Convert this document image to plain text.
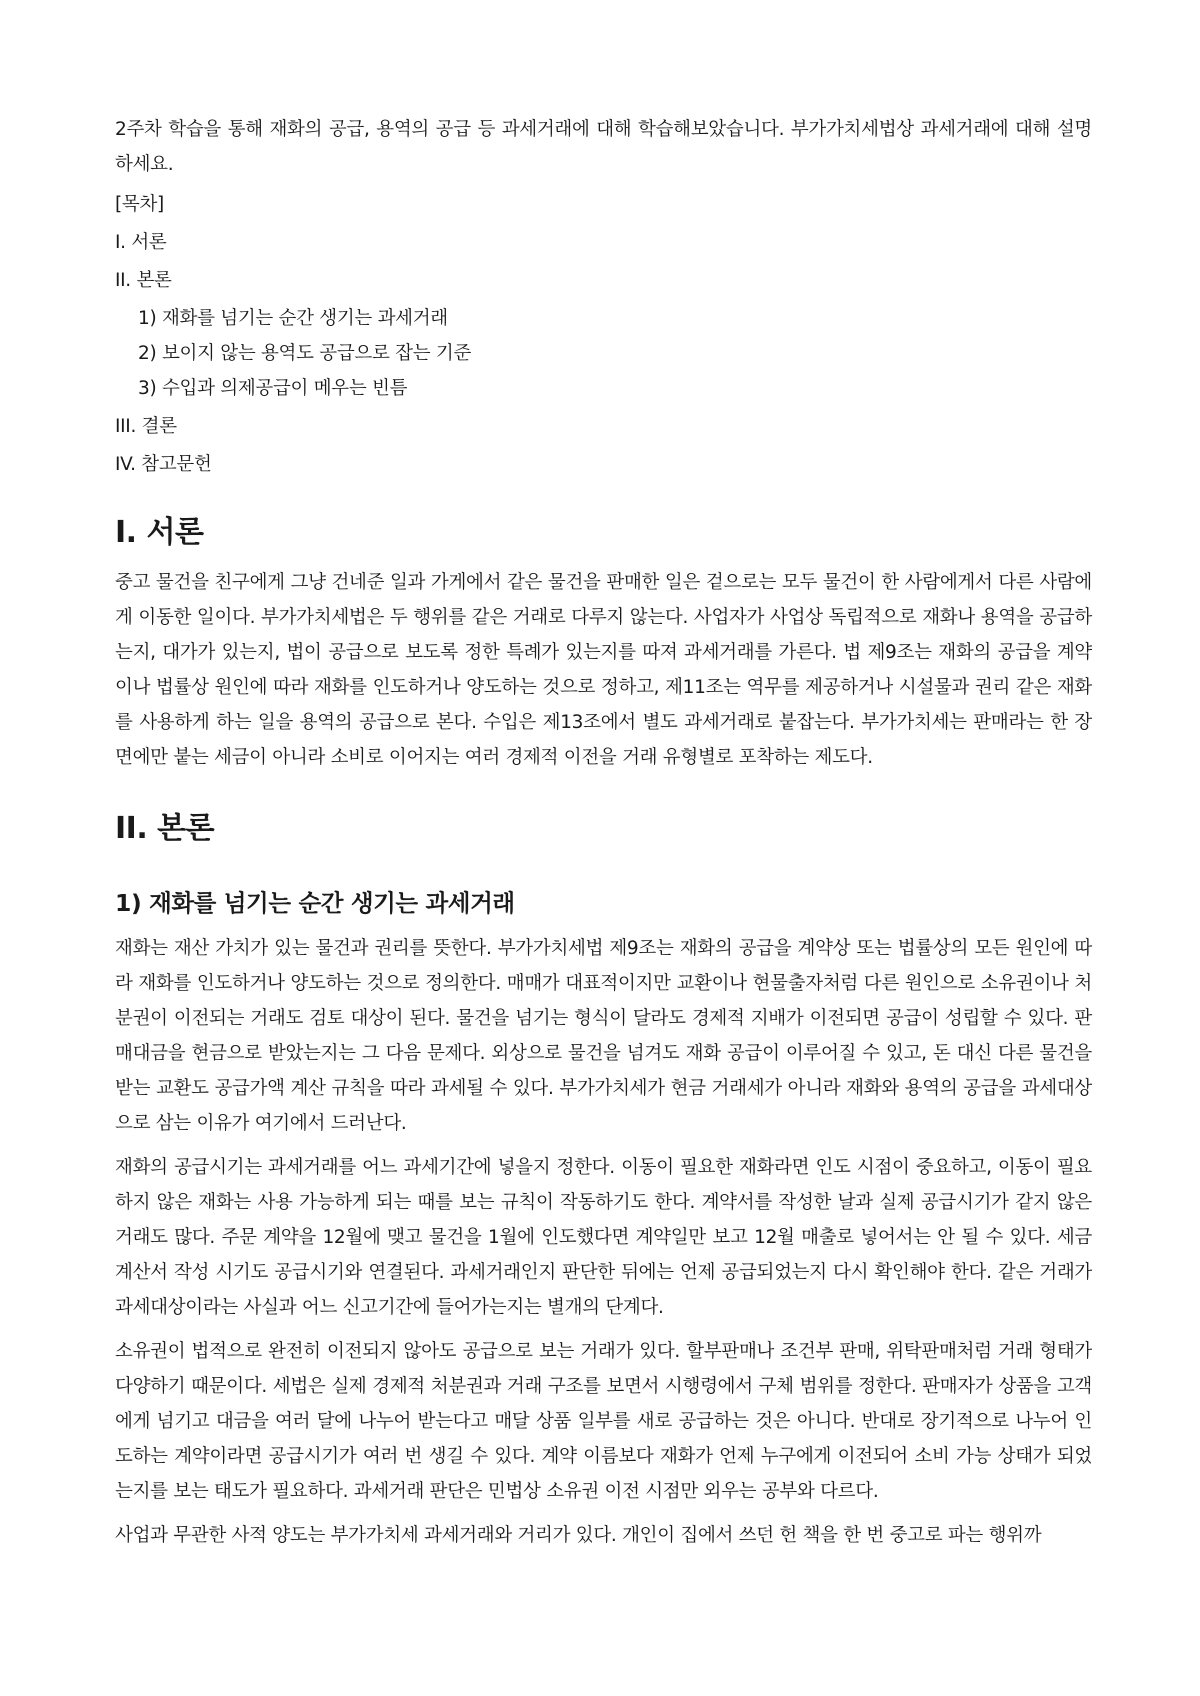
2주차 학습을 통해 재화의 공급, 용역의 공급 등 과세거래에 대해 학습해보았습니다. 부가가치세법상 과세거래에 대해 설명하세요.

[목차]

I. 서론

II. 본론

1) 재화를 넘기는 순간 생기는 과세거래

2) 보이지 않는 용역도 공급으로 잡는 기준

3) 수입과 의제공급이 메우는 빈틈

III. 결론

IV. 참고문헌

I. 서론

중고 물건을 친구에게 그냥 건네준 일과 가게에서 같은 물건을 판매한 일은 겉으로는 모두 물건이 한 사람에게서 다른 사람에게 이동한 일이다. 부가가치세법은 두 행위를 같은 거래로 다루지 않는다. 사업자가 사업상 독립적으로 재화나 용역을 공급하는지, 대가가 있는지, 법이 공급으로 보도록 정한 특례가 있는지를 따져 과세거래를 가른다. 법 제9조는 재화의 공급을 계약이나 법률상 원인에 따라 재화를 인도하거나 양도하는 것으로 정하고, 제11조는 역무를 제공하거나 시설물과 권리 같은 재화를 사용하게 하는 일을 용역의 공급으로 본다. 수입은 제13조에서 별도 과세거래로 붙잡는다. 부가가치세는 판매라는 한 장면에만 붙는 세금이 아니라 소비로 이어지는 여러 경제적 이전을 거래 유형별로 포착하는 제도다.

II. 본론
1) 재화를 넘기는 순간 생기는 과세거래

재화는 재산 가치가 있는 물건과 권리를 뜻한다. 부가가치세법 제9조는 재화의 공급을 계약상 또는 법률상의 모든 원인에 따라 재화를 인도하거나 양도하는 것으로 정의한다. 매매가 대표적이지만 교환이나 현물출자처럼 다른 원인으로 소유권이나 처분권이 이전되는 거래도 검토 대상이 된다. 물건을 넘기는 형식이 달라도 경제적 지배가 이전되면 공급이 성립할 수 있다. 판매대금을 현금으로 받았는지는 그 다음 문제다. 외상으로 물건을 넘겨도 재화 공급이 이루어질 수 있고, 돈 대신 다른 물건을 받는 교환도 공급가액 계산 규칙을 따라 과세될 수 있다. 부가가치세가 현금 거래세가 아니라 재화와 용역의 공급을 과세대상으로 삼는 이유가 여기에서 드러난다.

재화의 공급시기는 과세거래를 어느 과세기간에 넣을지 정한다. 이동이 필요한 재화라면 인도 시점이 중요하고, 이동이 필요하지 않은 재화는 사용 가능하게 되는 때를 보는 규칙이 작동하기도 한다. 계약서를 작성한 날과 실제 공급시기가 같지 않은 거래도 많다. 주문 계약을 12월에 맺고 물건을 1월에 인도했다면 계약일만 보고 12월 매출로 넣어서는 안 될 수 있다. 세금계산서 작성 시기도 공급시기와 연결된다. 과세거래인지 판단한 뒤에는 언제 공급되었는지 다시 확인해야 한다. 같은 거래가 과세대상이라는 사실과 어느 신고기간에 들어가는지는 별개의 단계다.

소유권이 법적으로 완전히 이전되지 않아도 공급으로 보는 거래가 있다. 할부판매나 조건부 판매, 위탁판매처럼 거래 형태가 다양하기 때문이다. 세법은 실제 경제적 처분권과 거래 구조를 보면서 시행령에서 구체 범위를 정한다. 판매자가 상품을 고객에게 넘기고 대금을 여러 달에 나누어 받는다고 매달 상품 일부를 새로 공급하는 것은 아니다. 반대로 장기적으로 나누어 인도하는 계약이라면 공급시기가 여러 번 생길 수 있다. 계약 이름보다 재화가 언제 누구에게 이전되어 소비 가능 상태가 되었는지를 보는 태도가 필요하다. 과세거래 판단은 민법상 소유권 이전 시점만 외우는 공부와 다르다.

사업과 무관한 사적 양도는 부가가치세 과세거래와 거리가 있다. 개인이 집에서 쓰던 헌 책을 한 번 중고로 파는 행위까
